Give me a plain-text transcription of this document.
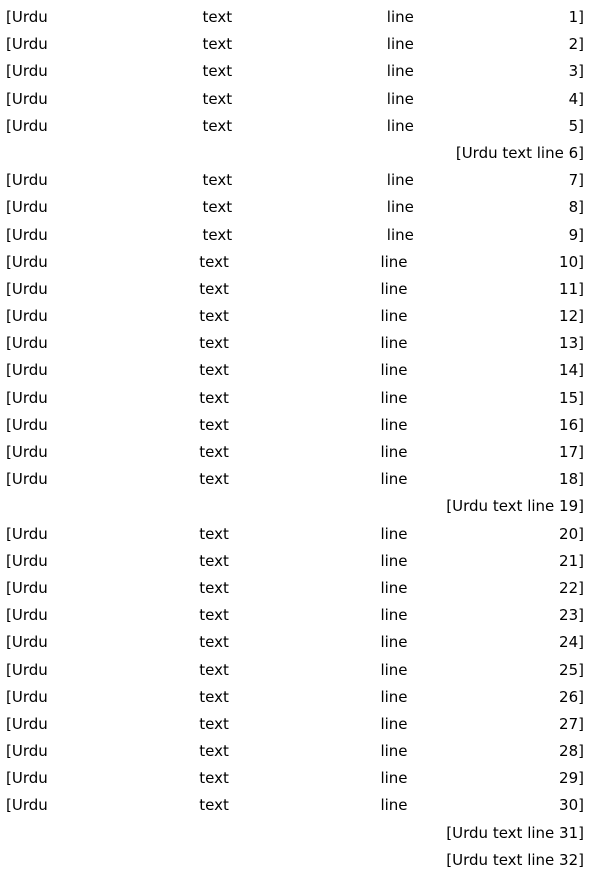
[Urdu text line 1]
[Urdu text line 2]
[Urdu text line 3]
[Urdu text line 4]
[Urdu text line 5]
[Urdu text line 6]
[Urdu text line 7]
[Urdu text line 8]
[Urdu text line 9]
[Urdu text line 10]
[Urdu text line 11]
[Urdu text line 12]
[Urdu text line 13]
[Urdu text line 14]
[Urdu text line 15]
[Urdu text line 16]
[Urdu text line 17]
[Urdu text line 18]
[Urdu text line 19]
[Urdu text line 20]
[Urdu text line 21]
[Urdu text line 22]
[Urdu text line 23]
[Urdu text line 24]
[Urdu text line 25]
[Urdu text line 26]
[Urdu text line 27]
[Urdu text line 28]
[Urdu text line 29]
[Urdu text line 30]
[Urdu text line 31]
[Urdu text line 32]
